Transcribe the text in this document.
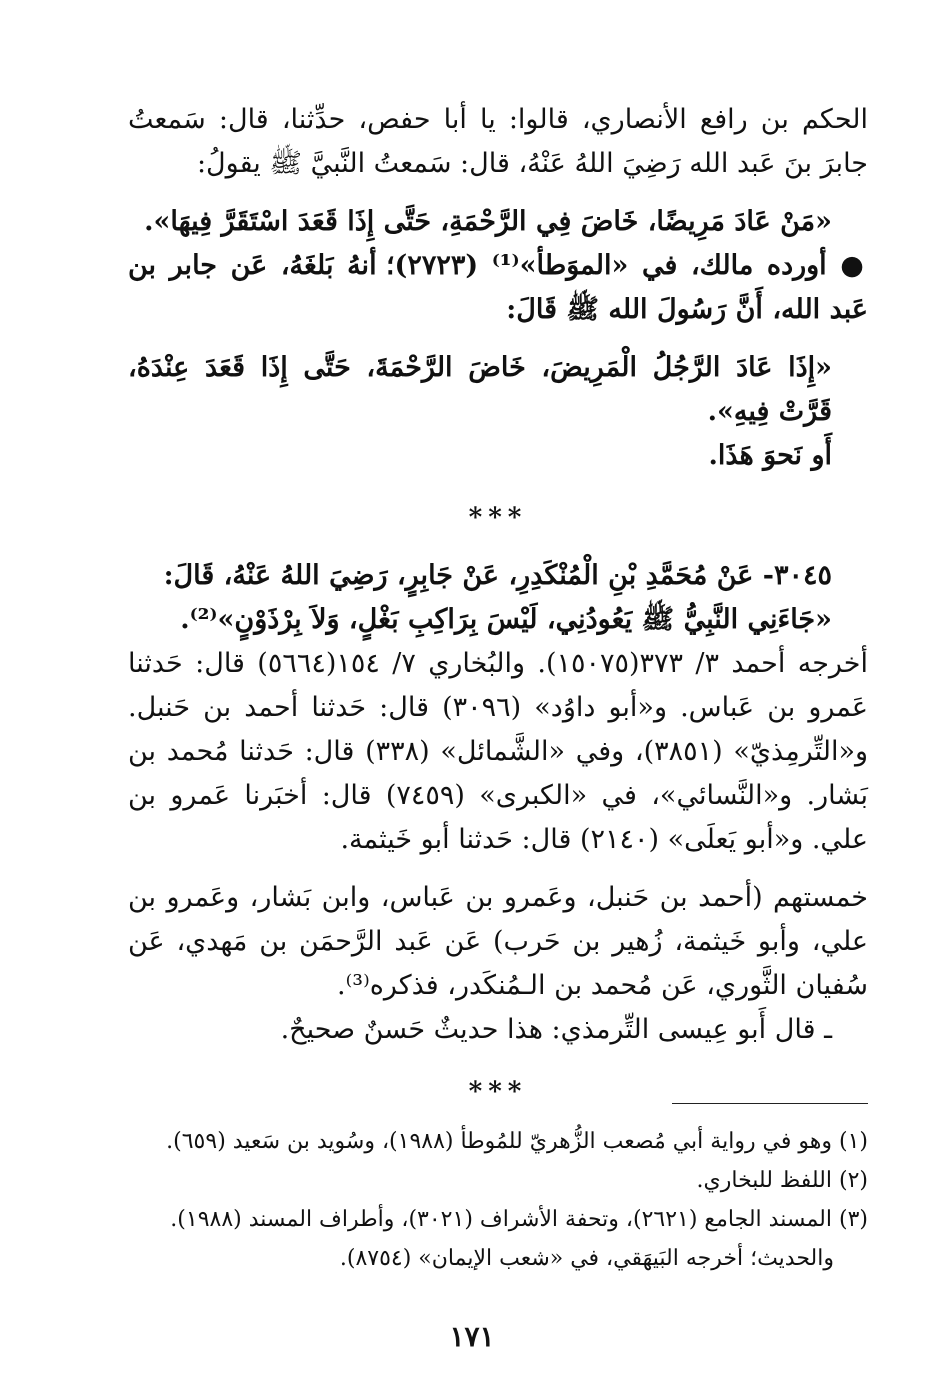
الحكم بن رافع الأنصاري، قالوا: يا أبا حفص، حدِّثنا، قال: سَمعتُ جابرَ بنَ عَبد الله رَضِيَ اللهُ عَنْهُ، قال: سَمعتُ النَّبيَّ ﷺ يقولُ:

«مَنْ عَادَ مَرِيضًا، خَاضَ فِي الرَّحْمَةِ، حَتَّى إِذَا قَعَدَ اسْتَقَرَّ فِيهَا».

● أورده مالك، في «الموَطأ»⁽¹⁾ (٢٧٢٣)؛ أنهُ بَلغَهُ، عَن جابر بن عَبد الله، أَنَّ رَسُولَ الله ﷺ قَالَ:

«إِذَا عَادَ الرَّجُلُ الْمَرِيضَ، خَاضَ الرَّحْمَةَ، حَتَّى إِذَا قَعَدَ عِنْدَهُ، قَرَّتْ فِيهِ».

أَو نَحوَ هَذَا.

***

٣٠٤٥- عَنْ مُحَمَّدِ بْنِ الْمُنْكَدِرِ، عَنْ جَابِرٍ، رَضِيَ اللهُ عَنْهُ، قَالَ:

«جَاءَنِي النَّبِيُّ ﷺ يَعُودُنِي، لَيْسَ بِرَاكِبِ بَغْلٍ، وَلاَ بِرْذَوْنٍ»⁽²⁾.

أخرجه أحمد ٣/ ٣٧٣(١٥٠٧٥). والبُخاري ٧/ ١٥٤(٥٦٦٤) قال: حَدثنا عَمرو بن عَباس. و«أبو داوُد» (٣٠٩٦) قال: حَدثنا أحمد بن حَنبل. و«التِّرمِذيّ» (٣٨٥١)، وفي «الشَّمائل» (٣٣٨) قال: حَدثنا مُحمد بن بَشار. و«النَّسائي»، في «الكبرى» (٧٤٥٩) قال: أخبَرنا عَمرو بن علي. و«أبو يَعلَى» (٢١٤٠) قال: حَدثنا أبو خَيثمة.

خمستهم (أحمد بن حَنبل، وعَمرو بن عَباس، وابن بَشار، وعَمرو بن علي، وأبو خَيثمة، زُهير بن حَرب) عَن عَبد الرَّحمَن بن مَهدي، عَن سُفيان الثَّوري، عَن مُحمد بن الـمُنكَدر، فذكره⁽³⁾.

ـ قال أَبو عِيسى التِّرمذي: هذا حديثٌ حَسنٌ صحيحٌ.

***

(١) وهو في رواية أبي مُصعب الزُّهريّ للمُوطأ (١٩٨٨)، وسُويد بن سَعيد (٦٥٩).

(٢) اللفظ للبخاري.

(٣) المسند الجامع (٢٦٢١)، وتحفة الأشراف (٣٠٢١)، وأطراف المسند (١٩٨٨).

والحديث؛ أخرجه البَيهَقي، في «شعب الإيمان» (٨٧٥٤).

١٧١
